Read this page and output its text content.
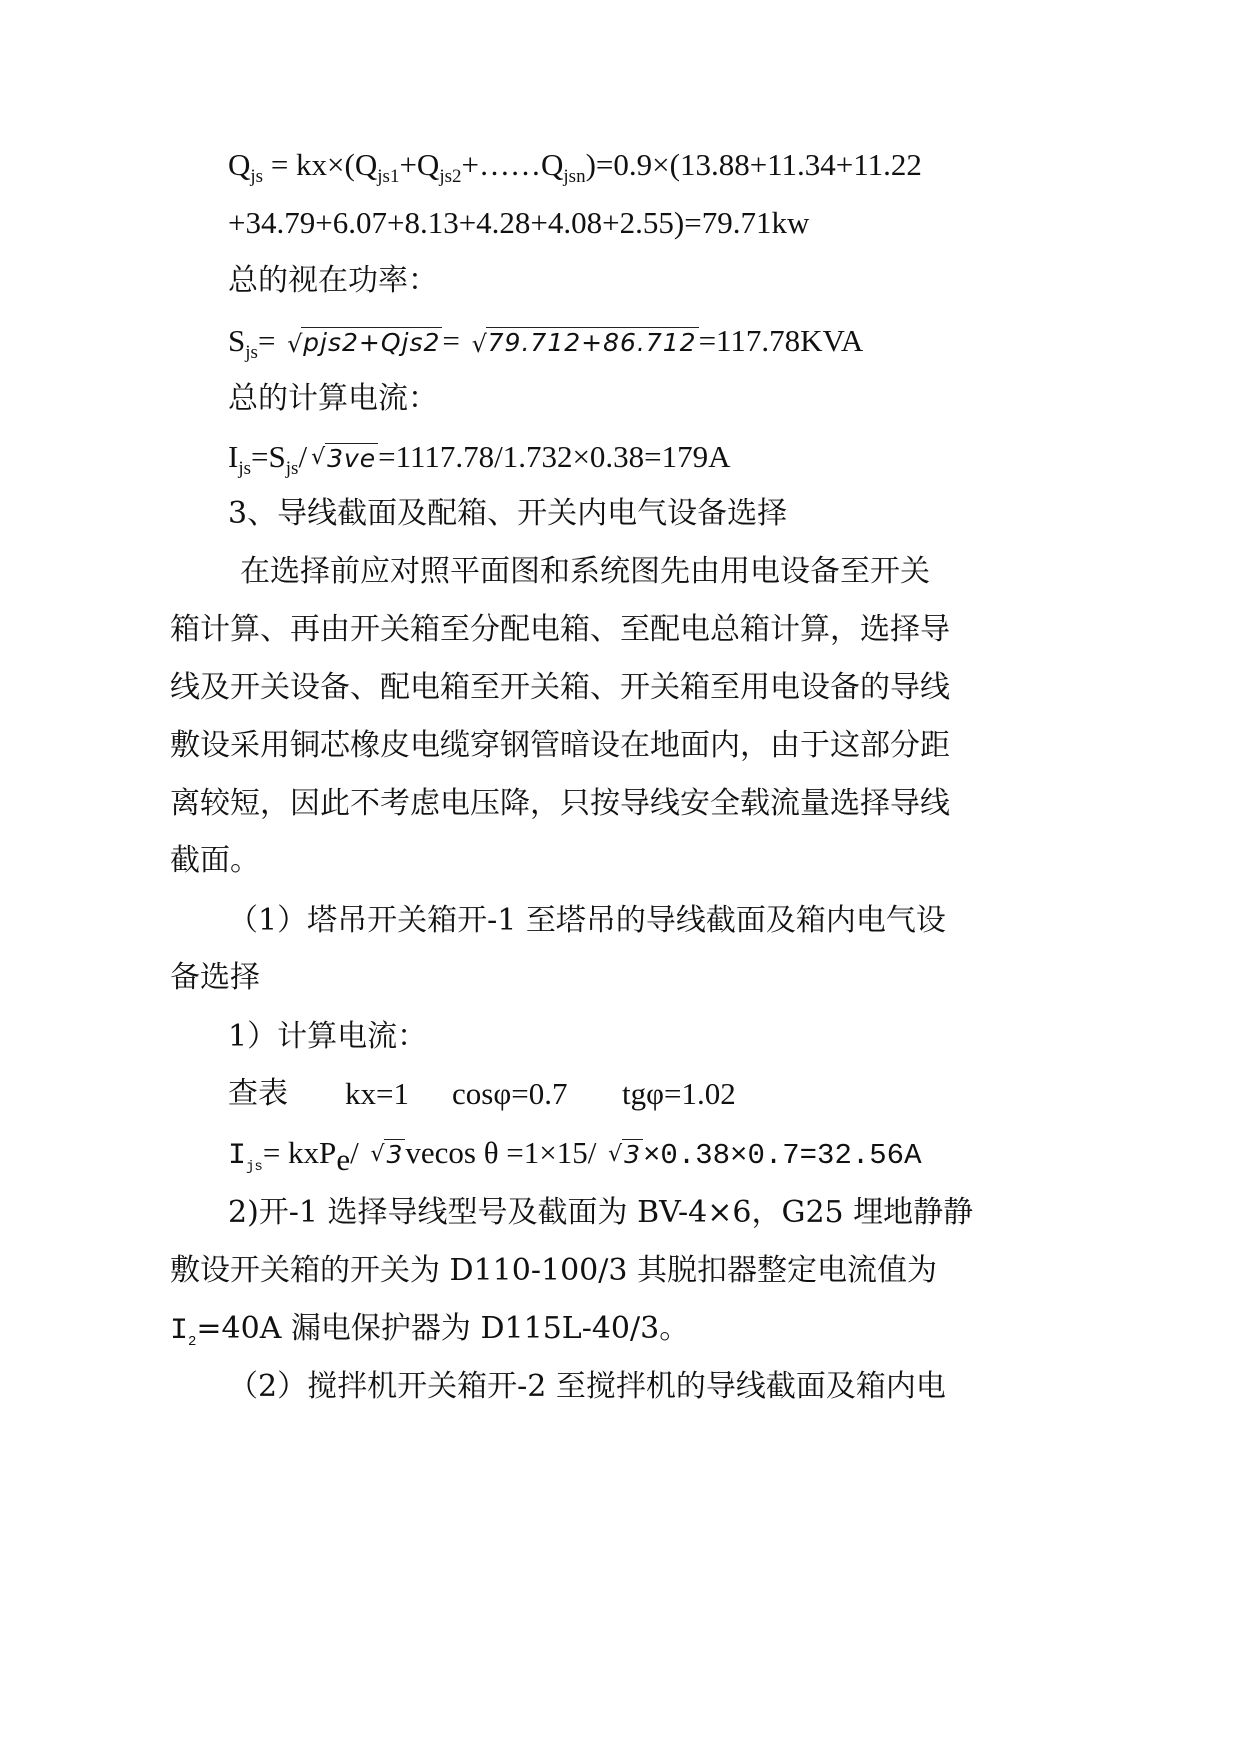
$Q_{js}$ = $kx\times(Q_{js1}+Q_{js2}+\dots\dots Q_{jsn})=0.9\times(13.88+11.34+11.22$
+34.79+6.07+8.13+4.28+4.08+2.55)=79.71kw
总的视在功率：
$S_{js}=$ √ pjs2+Qjs2= √ 79.712+86.712=117.78KVA
总的计算电流：
$I_{js}=S_{js}/$ √ 3ve=1117.78/1.732×0.38=179A
3、导线截面及配箱、开关内电气设备选择
在选择前应对照平面图和系统图先由用电设备至开关
箱计算、再由开关箱至分配电箱、至配电总箱计算，选择导
线及开关设备、配电箱至开关箱、开关箱至用电设备的导线
敷设采用铜芯橡皮电缆穿钢管暗设在地面内，由于这部分距
离较短，因此不考虑电压降，只按导线安全载流量选择导线
截面。
（1）塔吊开关箱开-1 至塔吊的导线截面及箱内电气设
备选择
1）计算电流：
查表 kx=1 cosφ=0.7 tgφ=1.02
$I_{js}= kxP_e/$ √ 3vecos θ =1×15/ √ 3×0.38×0.7=32.56A
2)开-1 选择导线型号及截面为 BV-4×6，G25 埋地静静
敷设开关箱的开关为 D110-100/3 其脱扣器整定电流值为
$I_2=40A$ 漏电保护器为 D115L-40/3。
（2）搅拌机开关箱开-2 至搅拌机的导线截面及箱内电
